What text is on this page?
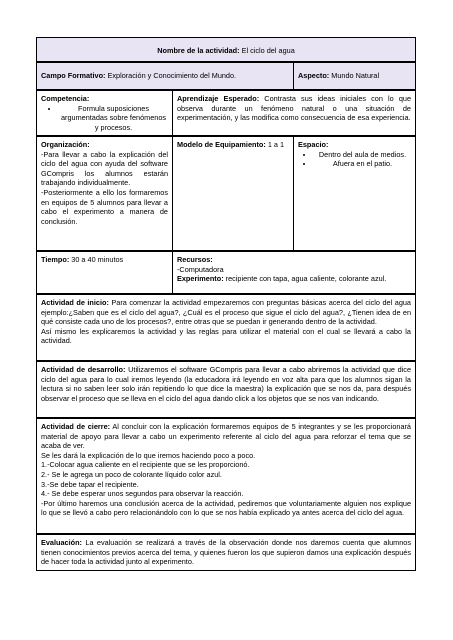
Nombre de la actividad: El ciclo del agua
Campo Formativo: Exploración y Conocimiento del Mundo.	Aspecto: Mundo Natural
Competencia:
• Formula suposiciones argumentadas sobre fenómenos y procesos.
Aprendizaje Esperado: Contrasta sus ideas iniciales con lo que observa durante un fenómeno natural o una situación de experimentación, y las modifica como consecuencia de esa experiencia.
Organización:

-Para llevar a cabo la explicación del ciclo del agua con ayuda del software GCompris los alumnos estarán trabajando individualmente.

-Posteriormente a ello los formaremos en equipos de 5 alumnos para llevar a cabo el experimento a manera de conclusión.

Modelo de Equipamiento: 1 a 1	Espacio:
• Dentro del aula de medios.
• Afuera en el patio.
Tiempo: 30 a 40 minutos	Recursos:
-Computadora
Experimento: recipiente con tapa, agua caliente, colorante azul.
Actividad de inicio: Para comenzar la actividad empezaremos con preguntas básicas acerca del ciclo del agua ejemplo:¿Saben que es el ciclo del agua?, ¿Cuál es el proceso que sigue el ciclo del agua?, ¿Tienen idea de en qué consiste cada uno de los procesos?, entre otras que se puedan ir generando dentro de la actividad.

Así mismo les explicaremos la actividad y las reglas para utilizar el material con el cual se llevará a cabo la actividad.

Actividad de desarrollo: Utilizaremos el software GCompris para llevar a cabo abriremos la actividad que dice ciclo del agua para lo cual iremos leyendo (la educadora irá leyendo en voz alta para que los alumnos sigan la lectura si no saben leer solo irán repitiendo lo que dice la maestra) la explicación que se nos da, para después observar el proceso que se lleva en el ciclo del agua dando click a los objetos que se nos van indicando.
Actividad de cierre: Al concluir con la explicación formaremos equipos de 5 integrantes y se les proporcionará material de apoyo para llevar a cabo un experimento referente al ciclo del agua para reforzar el tema que se acaba de ver.

Se les dará la explicación de lo que iremos haciendo poco a poco.

1.-Colocar agua caliente en el recipiente que se les proporcionó.

2.- Se le agrega un poco de colorante líquido color azul.

3.-Se debe tapar el recipiente.

4.- Se debe esperar unos segundos para observar la reacción.

-Por último haremos una conclusión acerca de la actividad, pediremos que voluntariamente alguien nos explique lo que se llevó a cabo pero relacionándolo con lo que se nos había explicado ya antes acerca del ciclo del agua.

Evaluación: La evaluación se realizará a través de la observación donde nos daremos cuenta que alumnos tienen conocimientos previos acerca del tema, y quienes fueron los que supieron damos una explicación después de hacer toda la actividad junto al experimento.
